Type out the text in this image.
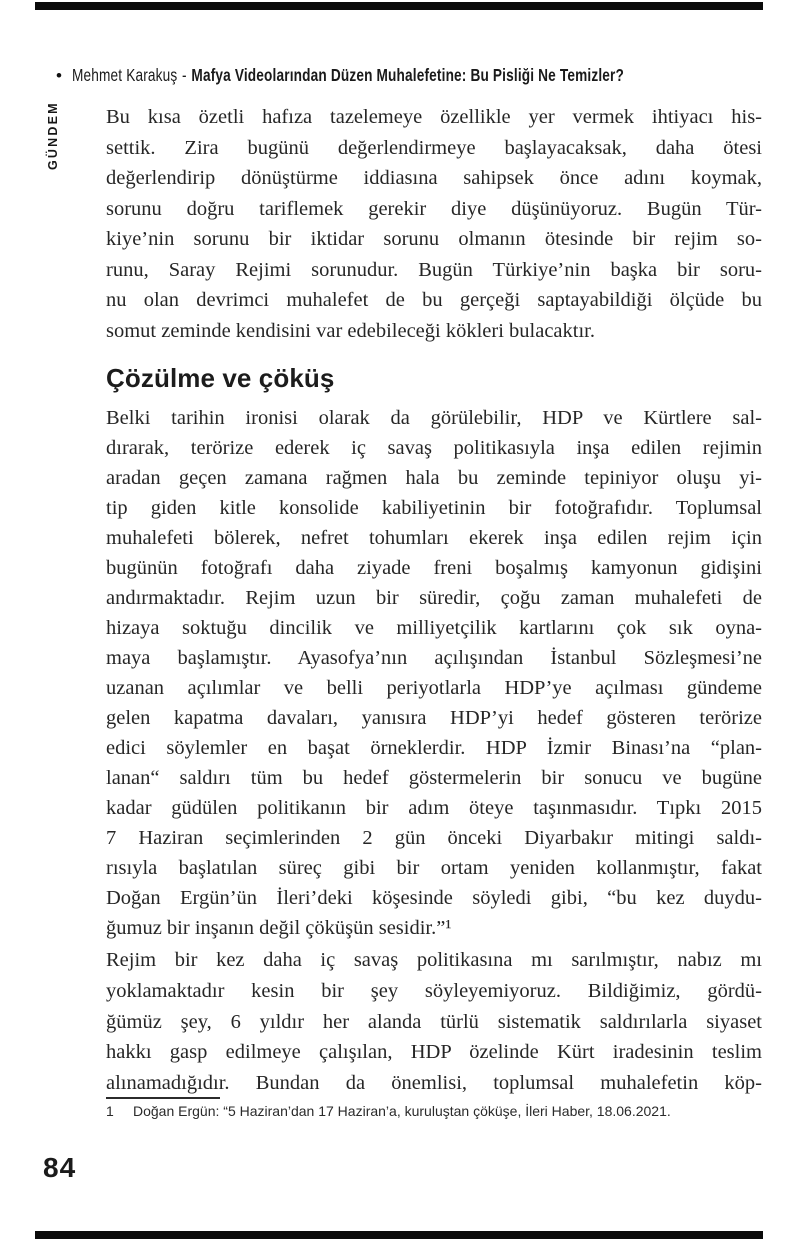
• Mehmet Karakuş - Mafya Videolarından Düzen Muhalefetine: Bu Pisliği Ne Temizler?
GÜNDEM Bu kısa özetli hafıza tazelemeye özellikle yer vermek ihtiyacı his-
settik. Zira bugünü değerlendirmeye başlayacaksak, daha ötesi
değerlendirip dönüştürme iddiasına sahipsek önce adını koymak,
sorunu doğru tariflemek gerekir diye düşünüyoruz. Bugün Tür-
kiye’nin sorunu bir iktidar sorunu olmanın ötesinde bir rejim so-
runu, Saray Rejimi sorunudur. Bugün Türkiye’nin başka bir soru-
nu olan devrimci muhalefet de bu gerçeği saptayabildiği ölçüde bu
somut zeminde kendisini var edebileceği kökleri bulacaktır.
Çözülme ve çöküş
Belki tarihin ironisi olarak da görülebilir, HDP ve Kürtlere sal-
dırarak, terörize ederek iç savaş politikasıyla inşa edilen rejimin
aradan geçen zamana rağmen hala bu zeminde tepiniyor oluşu yi-
tip giden kitle konsolide kabiliyetinin bir fotoğrafıdır. Toplumsal
muhalefeti bölerek, nefret tohumları ekerek inşa edilen rejim için
bugünün fotoğrafı daha ziyade freni boşalmış kamyonun gidişini
andırmaktadır. Rejim uzun bir süredir, çoğu zaman muhalefeti de
hizaya soktuğu dincilik ve milliyetçilik kartlarını çok sık oyna-
maya başlamıştır. Ayasofya’nın açılışından İstanbul Sözleşmesi’ne
uzanan açılımlar ve belli periyotlarla HDP’ye açılması gündeme
gelen kapatma davaları, yanısıra HDP’yi hedef gösteren terörize
edici söylemler en başat örneklerdir. HDP İzmir Binası’na “plan-
lanan“ saldırı tüm bu hedef göstermelerin bir sonucu ve bugüne
kadar güdülen politikanın bir adım öteye taşınmasıdır. Tıpkı 2015
7 Haziran seçimlerinden 2 gün önceki Diyarbakır mitingi saldı-
rısıyla başlatılan süreç gibi bir ortam yeniden kollanmıştır, fakat
Doğan Ergün’ün İleri’deki köşesinde söyledi gibi, “bu kez duydu-
ğumuz bir inşanın değil çöküşün sesidir.”¹
Rejim bir kez daha iç savaş politikasına mı sarılmıştır, nabız mı
yoklamaktadır kesin bir şey söyleyemiyoruz. Bildiğimiz, gördü-
ğümüz şey, 6 yıldır her alanda türlü sistematik saldırılarla siyaset
hakkı gasp edilmeye çalışılan, HDP özelinde Kürt iradesinin teslim
alınamadığıdır. Bundan da önemlisi, toplumsal muhalefetin köp-
1	Doğan Ergün: “5 Haziran’dan 17 Haziran’a, kuruluştan çöküşe, İleri Haber, 18.06.2021.
84
